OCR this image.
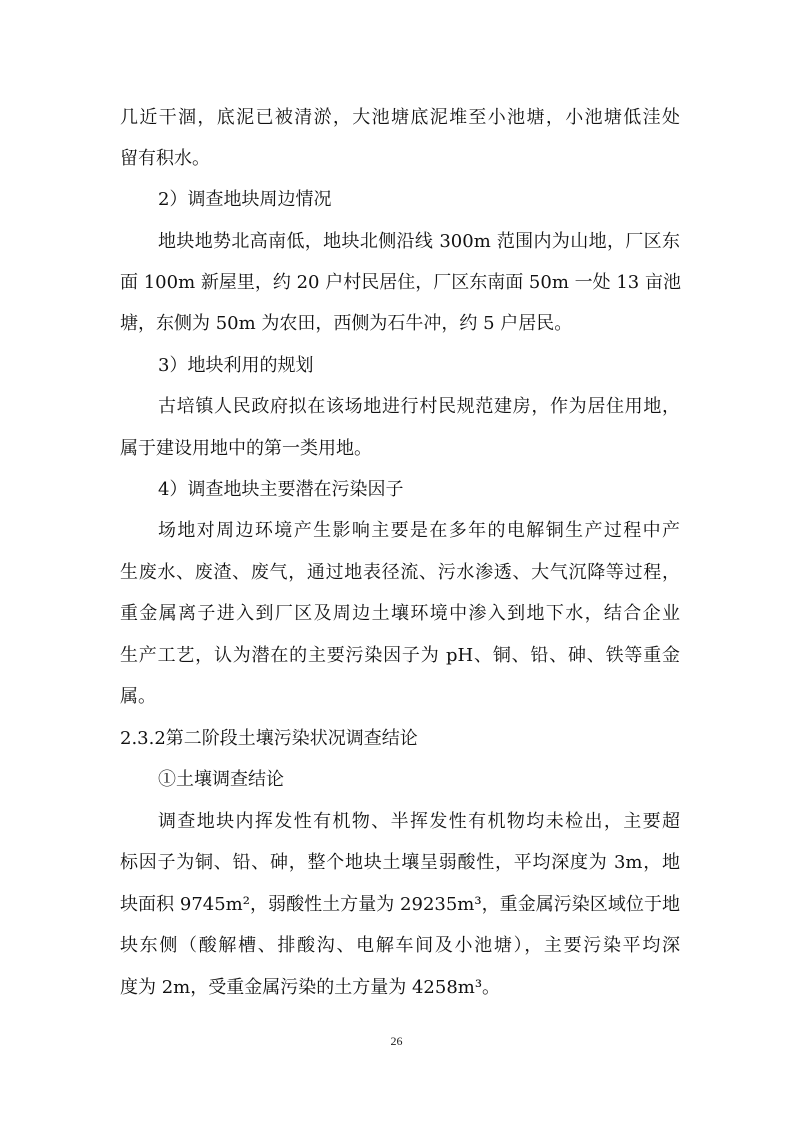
几近干涸，底泥已被清淤，大池塘底泥堆至小池塘，小池塘低洼处
留有积水。
2）调查地块周边情况
地块地势北高南低，地块北侧沿线 300m 范围内为山地，厂区东
面 100m 新屋里，约 20 户村民居住，厂区东南面 50m 一处 13 亩池
塘，东侧为 50m 为农田，西侧为石牛冲，约 5 户居民。
3）地块利用的规划
古培镇人民政府拟在该场地进行村民规范建房，作为居住用地，
属于建设用地中的第一类用地。
4）调查地块主要潜在污染因子
场地对周边环境产生影响主要是在多年的电解铜生产过程中产
生废水、废渣、废气，通过地表径流、污水渗透、大气沉降等过程，
重金属离子进入到厂区及周边土壤环境中渗入到地下水，结合企业
生产工艺，认为潜在的主要污染因子为 pH、铜、铅、砷、铁等重金
属。
2.3.2第二阶段土壤污染状况调查结论
①土壤调查结论
调查地块内挥发性有机物、半挥发性有机物均未检出，主要超
标因子为铜、铅、砷，整个地块土壤呈弱酸性，平均深度为 3m，地
块面积 9745m²，弱酸性土方量为 29235m³，重金属污染区域位于地
块东侧（酸解槽、排酸沟、电解车间及小池塘），主要污染平均深
度为 2m，受重金属污染的土方量为 4258m³。
26
